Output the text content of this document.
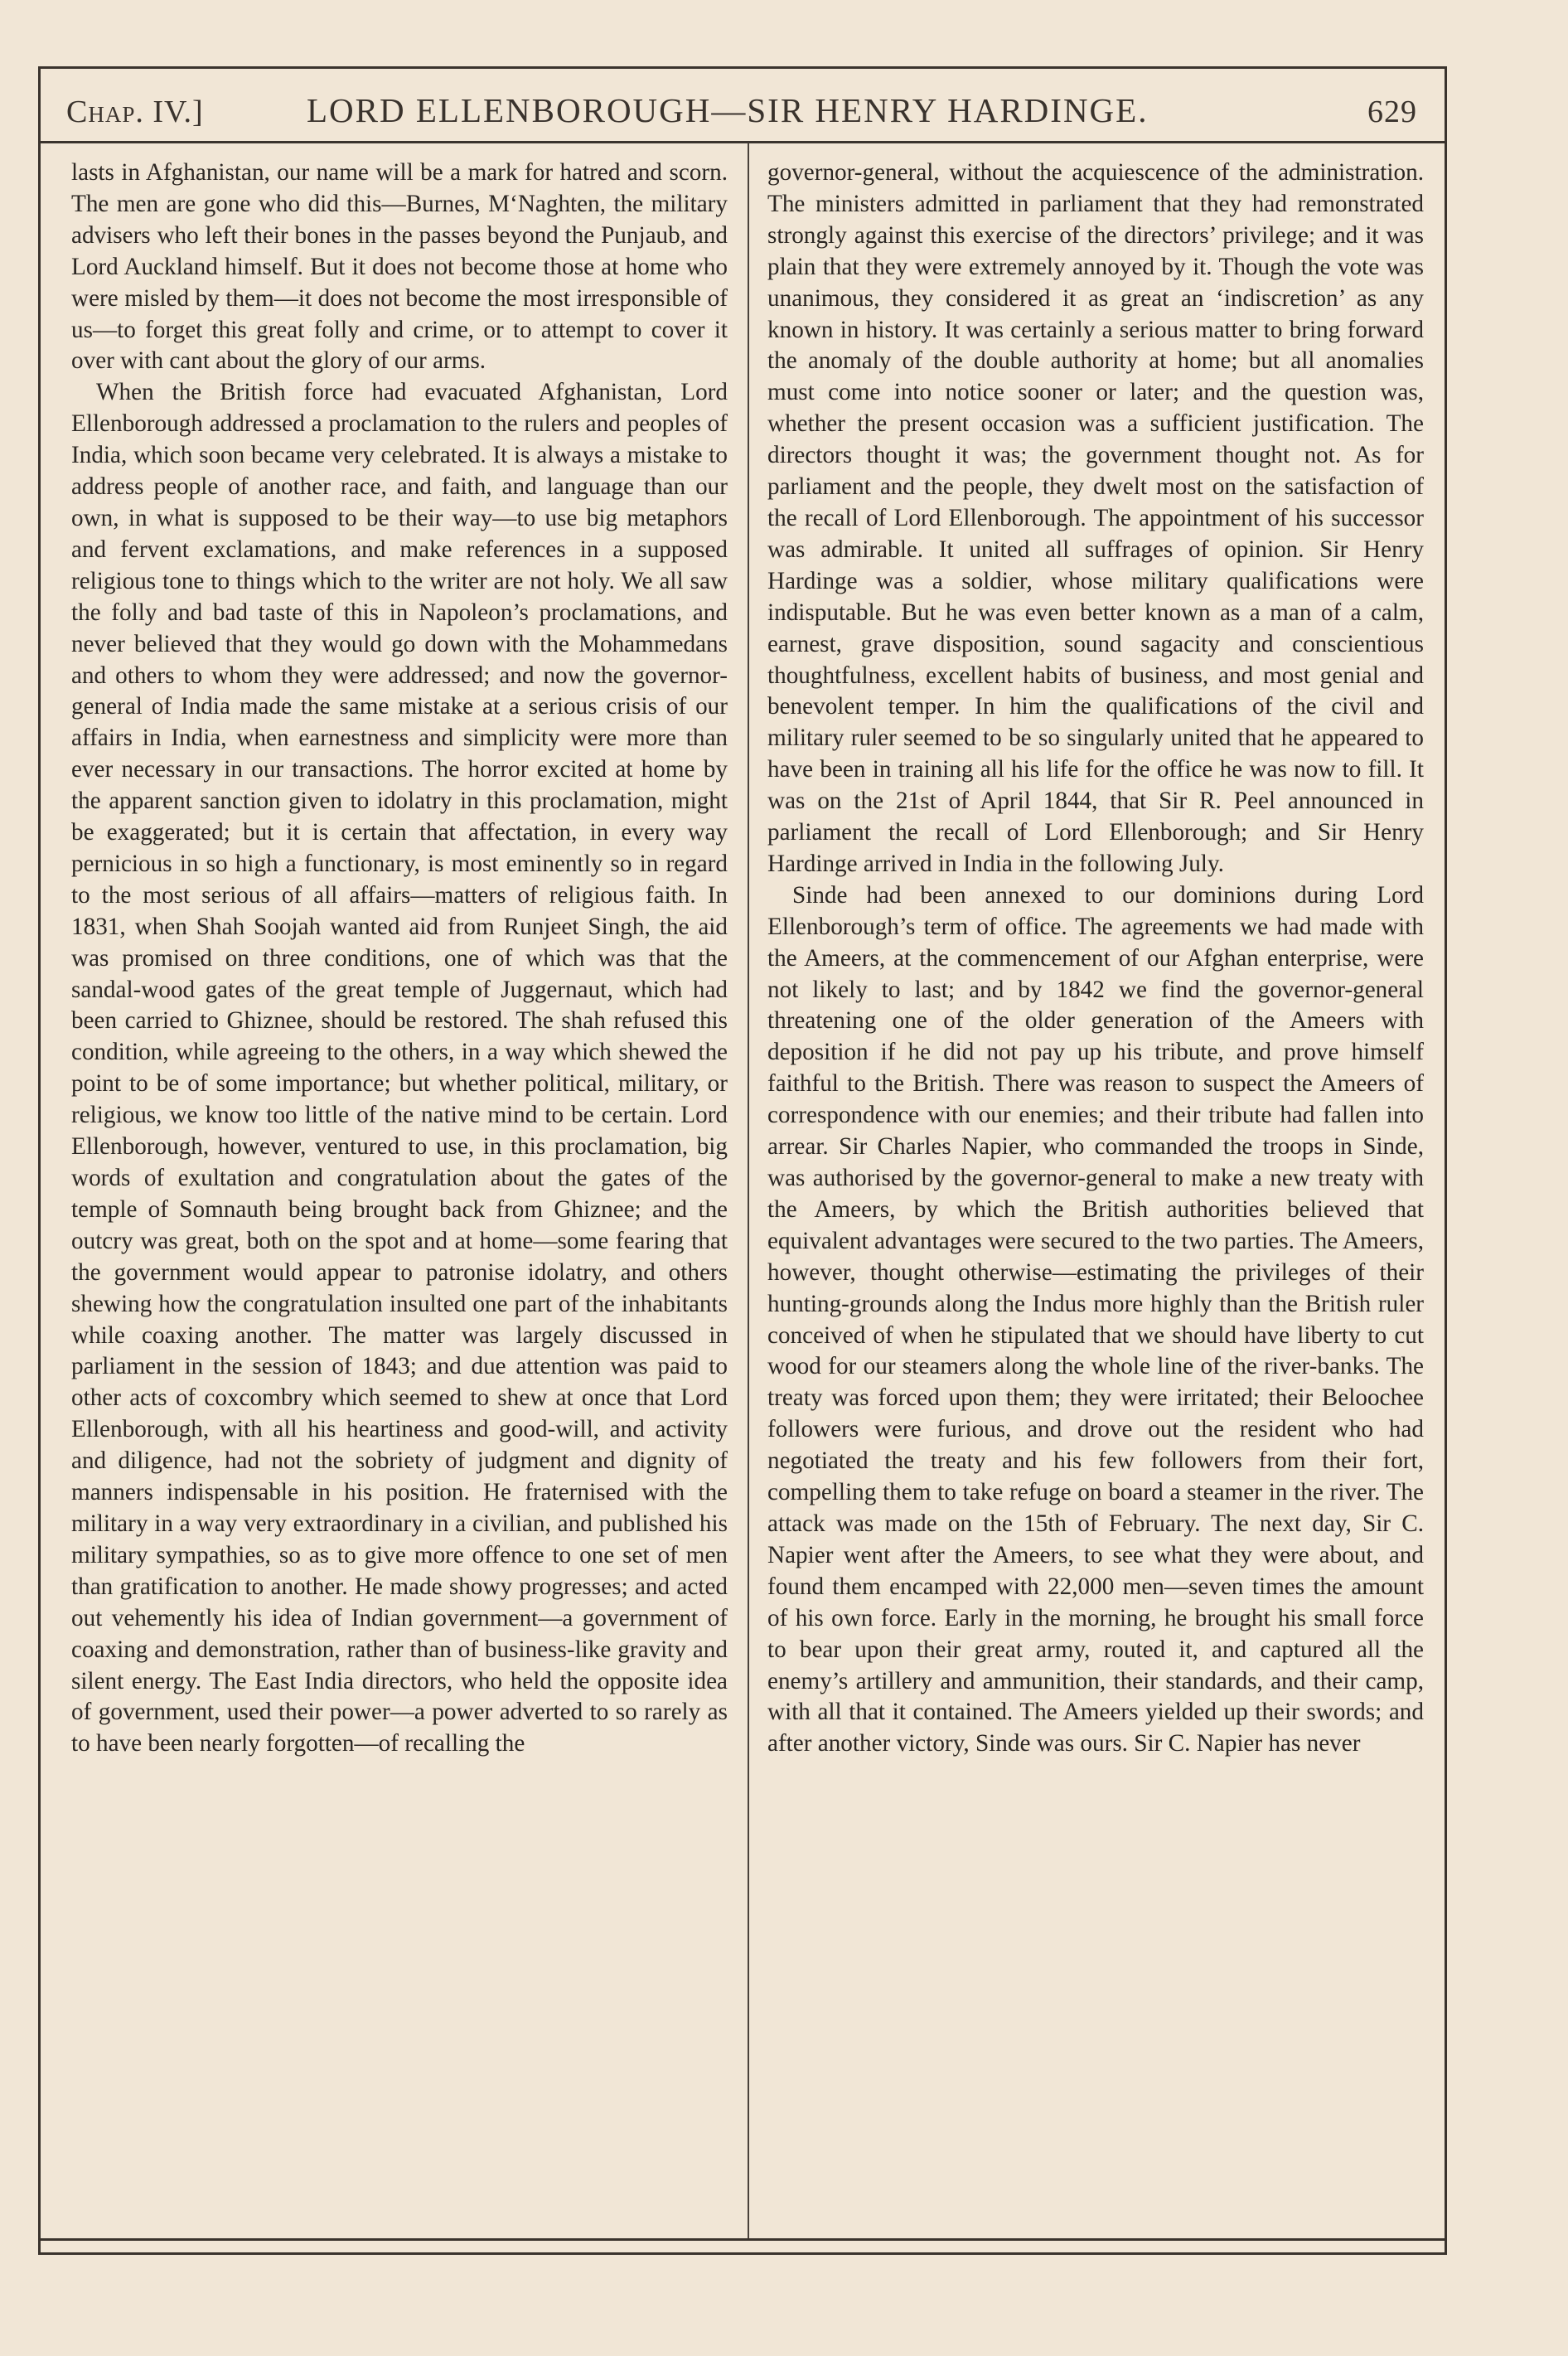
Chap. IV.]	LORD ELLENBOROUGH—SIR HENRY HARDINGE.	629

lasts in Afghanistan, our name will be a mark for hatred and scorn. The men are gone who did this—Burnes, M‘Naghten, the military advisers who left their bones in the passes beyond the Punjaub, and Lord Auckland himself. But it does not become those at home who were misled by them—it does not become the most irresponsible of us—to forget this great folly and crime, or to attempt to cover it over with cant about the glory of our arms.

When the British force had evacuated Afghanistan, Lord Ellenborough addressed a proclamation to the rulers and peoples of India, which soon became very celebrated. It is always a mistake to address people of another race, and faith, and language than our own, in what is supposed to be their way—to use big metaphors and fervent exclamations, and make references in a supposed religious tone to things which to the writer are not holy. We all saw the folly and bad taste of this in Napoleon’s proclamations, and never believed that they would go down with the Mohammedans and others to whom they were addressed; and now the governor-general of India made the same mistake at a serious crisis of our affairs in India, when earnestness and simplicity were more than ever necessary in our transactions. The horror excited at home by the apparent sanction given to idolatry in this proclamation, might be exaggerated; but it is certain that affectation, in every way pernicious in so high a functionary, is most eminently so in regard to the most serious of all affairs—matters of religious faith. In 1831, when Shah Soojah wanted aid from Runjeet Singh, the aid was promised on three conditions, one of which was that the sandal-wood gates of the great temple of Juggernaut, which had been carried to Ghiznee, should be restored. The shah refused this condition, while agreeing to the others, in a way which shewed the point to be of some importance; but whether political, military, or religious, we know too little of the native mind to be certain. Lord Ellenborough, however, ventured to use, in this proclamation, big words of exultation and congratulation about the gates of the temple of Somnauth being brought back from Ghiznee; and the outcry was great, both on the spot and at home—some fearing that the government would appear to patronise idolatry, and others shewing how the congratulation insulted one part of the inhabitants while coaxing another. The matter was largely discussed in parliament in the session of 1843; and due attention was paid to other acts of coxcombry which seemed to shew at once that Lord Ellenborough, with all his heartiness and good-will, and activity and diligence, had not the sobriety of judgment and dignity of manners indispensable in his position. He fraternised with the military in a way very extraordinary in a civilian, and published his military sympathies, so as to give more offence to one set of men than gratification to another. He made showy progresses; and acted out vehemently his idea of Indian government—a government of coaxing and demonstration, rather than of business-like gravity and silent energy. The East India directors, who held the opposite idea of government, used their power—a power adverted to so rarely as to have been nearly forgotten—of recalling the

governor-general, without the acquiescence of the administration. The ministers admitted in parliament that they had remonstrated strongly against this exercise of the directors’ privilege; and it was plain that they were extremely annoyed by it. Though the vote was unanimous, they considered it as great an ‘indiscretion’ as any known in history. It was certainly a serious matter to bring forward the anomaly of the double authority at home; but all anomalies must come into notice sooner or later; and the question was, whether the present occasion was a sufficient justification. The directors thought it was; the government thought not. As for parliament and the people, they dwelt most on the satisfaction of the recall of Lord Ellenborough. The appointment of his successor was admirable. It united all suffrages of opinion. Sir Henry Hardinge was a soldier, whose military qualifications were indisputable. But he was even better known as a man of a calm, earnest, grave disposition, sound sagacity and conscientious thoughtfulness, excellent habits of business, and most genial and benevolent temper. In him the qualifications of the civil and military ruler seemed to be so singularly united that he appeared to have been in training all his life for the office he was now to fill. It was on the 21st of April 1844, that Sir R. Peel announced in parliament the recall of Lord Ellenborough; and Sir Henry Hardinge arrived in India in the following July.

Sinde had been annexed to our dominions during Lord Ellenborough’s term of office. The agreements we had made with the Ameers, at the commencement of our Afghan enterprise, were not likely to last; and by 1842 we find the governor-general threatening one of the older generation of the Ameers with deposition if he did not pay up his tribute, and prove himself faithful to the British. There was reason to suspect the Ameers of correspondence with our enemies; and their tribute had fallen into arrear. Sir Charles Napier, who commanded the troops in Sinde, was authorised by the governor-general to make a new treaty with the Ameers, by which the British authorities believed that equivalent advantages were secured to the two parties. The Ameers, however, thought otherwise—estimating the privileges of their hunting-grounds along the Indus more highly than the British ruler conceived of when he stipulated that we should have liberty to cut wood for our steamers along the whole line of the river-banks. The treaty was forced upon them; they were irritated; their Beloochee followers were furious, and drove out the resident who had negotiated the treaty and his few followers from their fort, compelling them to take refuge on board a steamer in the river. The attack was made on the 15th of February. The next day, Sir C. Napier went after the Ameers, to see what they were about, and found them encamped with 22,000 men—seven times the amount of his own force. Early in the morning, he brought his small force to bear upon their great army, routed it, and captured all the enemy’s artillery and ammunition, their standards, and their camp, with all that it contained. The Ameers yielded up their swords; and after another victory, Sinde was ours. Sir C. Napier has never
